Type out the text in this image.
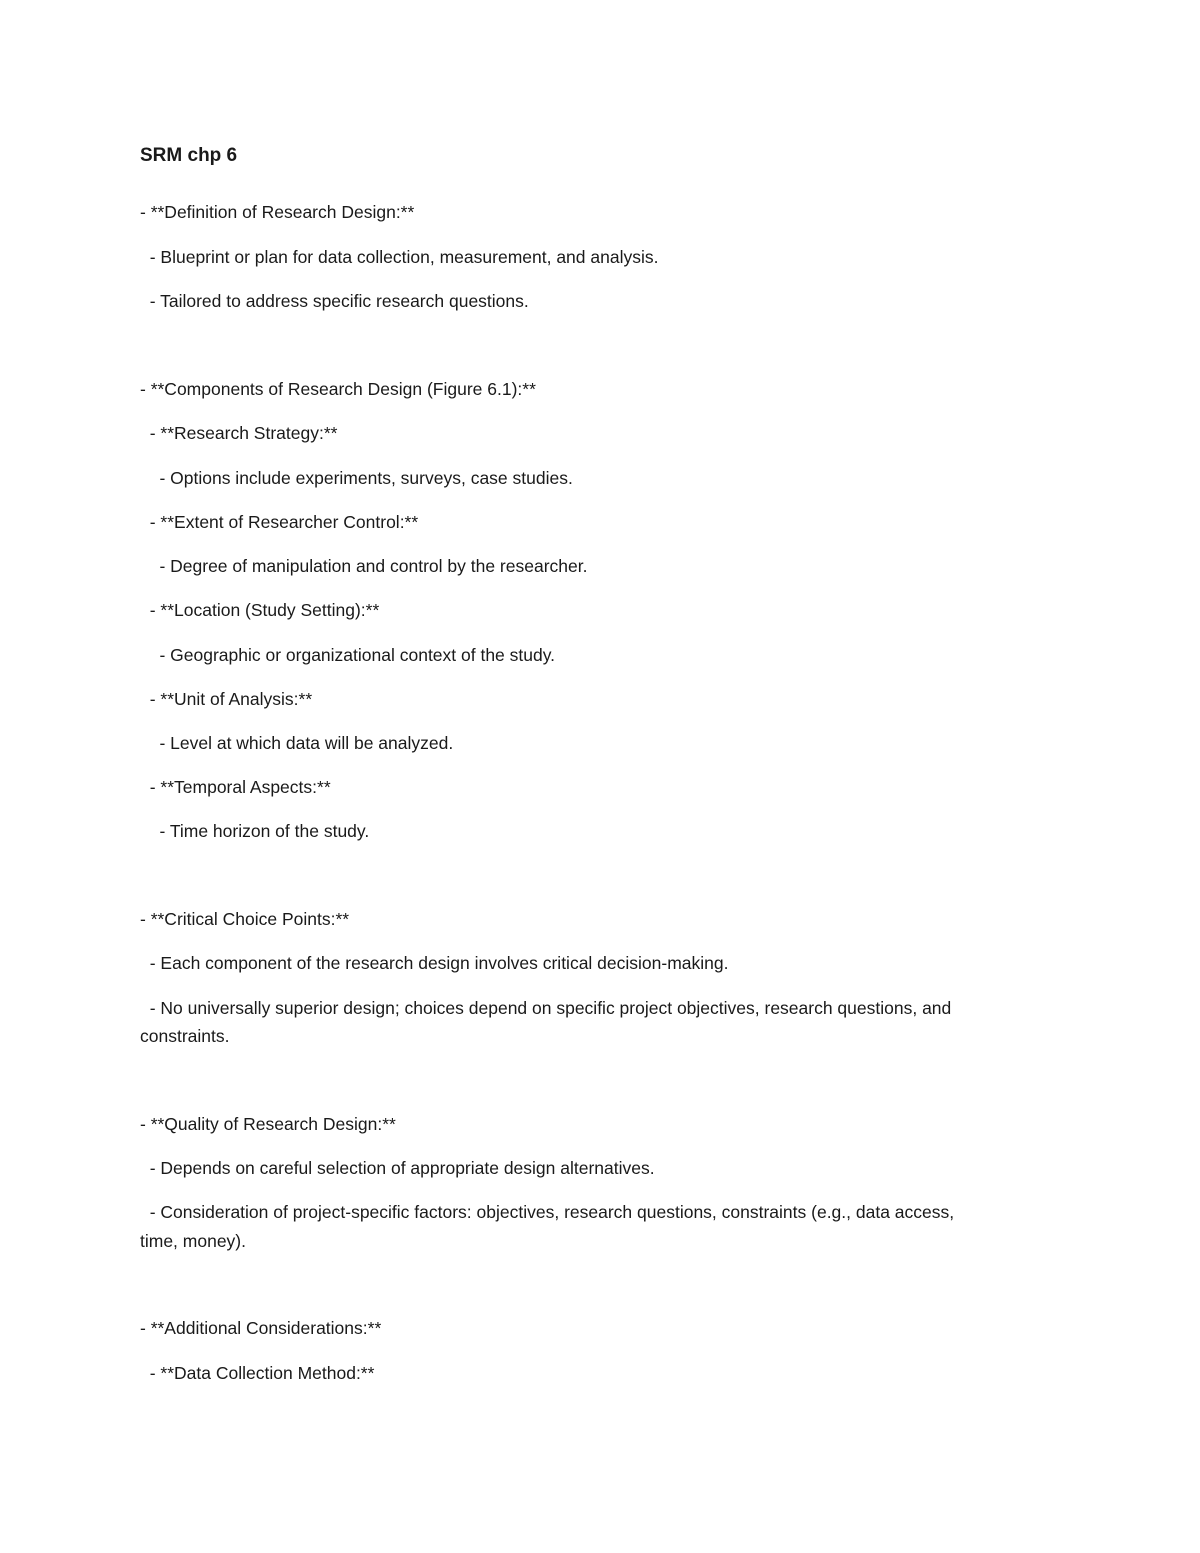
SRM chp 6
- **Definition of Research Design:**
- Blueprint or plan for data collection, measurement, and analysis.
- Tailored to address specific research questions.
- **Components of Research Design (Figure 6.1):**
- **Research Strategy:**
- Options include experiments, surveys, case studies.
- **Extent of Researcher Control:**
- Degree of manipulation and control by the researcher.
- **Location (Study Setting):**
- Geographic or organizational context of the study.
- **Unit of Analysis:**
- Level at which data will be analyzed.
- **Temporal Aspects:**
- Time horizon of the study.
- **Critical Choice Points:**
- Each component of the research design involves critical decision-making.
- No universally superior design; choices depend on specific project objectives, research questions, and
constraints.
- **Quality of Research Design:**
- Depends on careful selection of appropriate design alternatives.
- Consideration of project-specific factors: objectives, research questions, constraints (e.g., data access,
time, money).
- **Additional Considerations:**
- **Data Collection Method:**
